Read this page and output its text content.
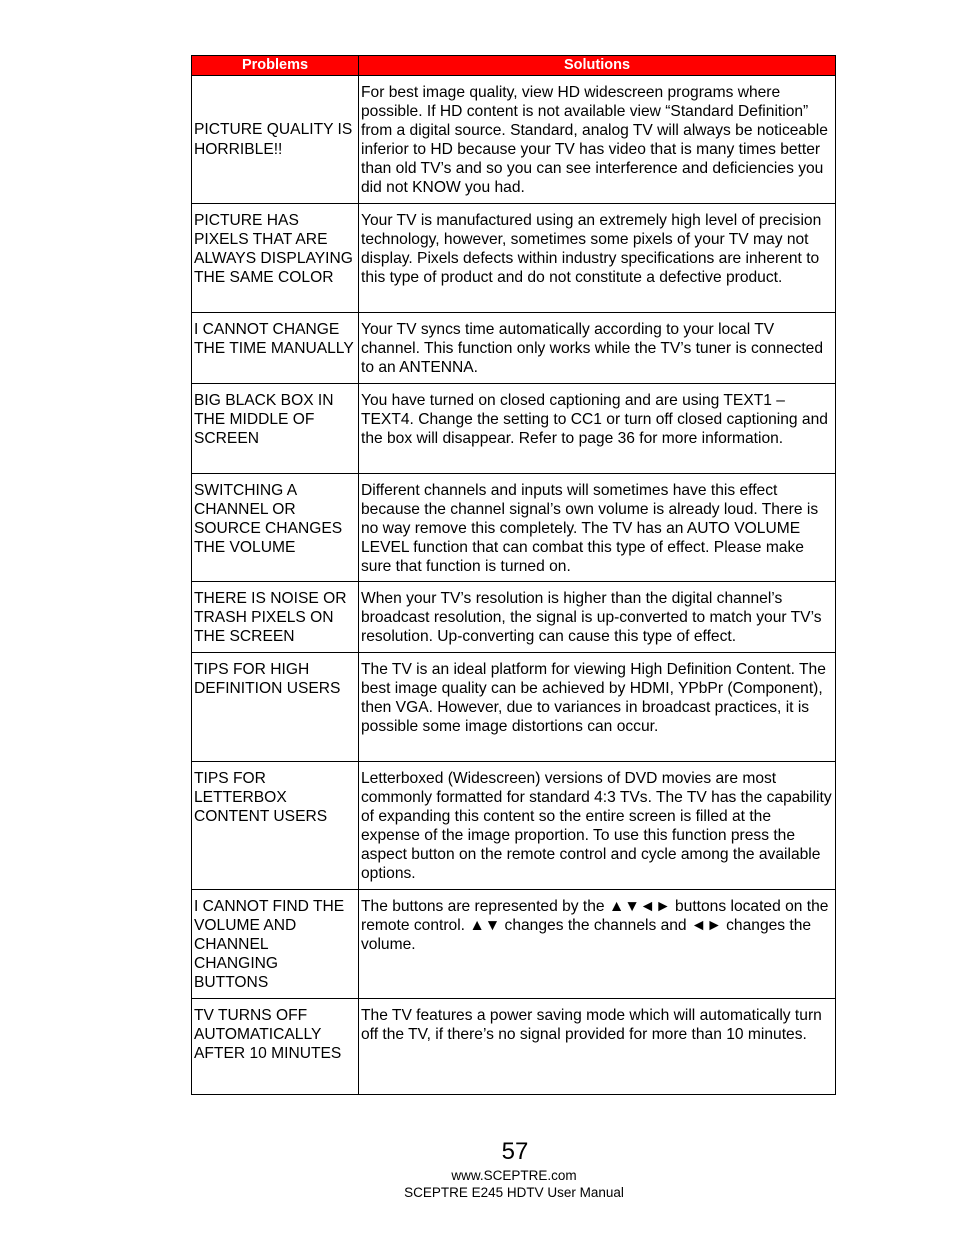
Problems	Solutions
PICTURE QUALITY IS HORRIBLE!!	For best image quality, view HD widescreen programs where possible. If HD content is not available view “Standard Definition” from a digital source. Standard, analog TV will always be noticeable inferior to HD because your TV has video that is many times better than old TV’s and so you can see interference and deficiencies you did not KNOW you had.
PICTURE HAS PIXELS THAT ARE ALWAYS DISPLAYING THE SAME COLOR	Your TV is manufactured using an extremely high level of precision technology, however, sometimes some pixels of your TV may not display. Pixels defects within industry specifications are inherent to this type of product and do not constitute a defective product.
I CANNOT CHANGE THE TIME MANUALLY	Your TV syncs time automatically according to your local TV channel. This function only works while the TV’s tuner is connected to an ANTENNA.
BIG BLACK BOX IN THE MIDDLE OF SCREEN	You have turned on closed captioning and are using TEXT1 – TEXT4. Change the setting to CC1 or turn off closed captioning and the box will disappear. Refer to page 36 for more information.
SWITCHING A CHANNEL OR SOURCE CHANGES THE VOLUME	Different channels and inputs will sometimes have this effect because the channel signal’s own volume is already loud. There is no way remove this completely. The TV has an AUTO VOLUME LEVEL function that can combat this type of effect. Please make sure that function is turned on.
THERE IS NOISE OR TRASH PIXELS ON THE SCREEN	When your TV’s resolution is higher than the digital channel’s broadcast resolution, the signal is up-converted to match your TV’s resolution. Up-converting can cause this type of effect.
TIPS FOR HIGH DEFINITION USERS	The TV is an ideal platform for viewing High Definition Content. The best image quality can be achieved by HDMI, YPbPr (Component), then VGA. However, due to variances in broadcast practices, it is possible some image distortions can occur.
TIPS FOR LETTERBOX CONTENT USERS	Letterboxed (Widescreen) versions of DVD movies are most commonly formatted for standard 4:3 TVs. The TV has the capability of expanding this content so the entire screen is filled at the expense of the image proportion. To use this function press the aspect button on the remote control and cycle among the available options.
I CANNOT FIND THE VOLUME AND CHANNEL CHANGING BUTTONS	The buttons are represented by the ▲▼◄► buttons located on the remote control. ▲▼ changes the channels and ◄► changes the volume.
TV TURNS OFF AUTOMATICALLY AFTER 10 MINUTES	The TV features a power saving mode which will automatically turn off the TV, if there’s no signal provided for more than 10 minutes.
57
www.SCEPTRE.com
SCEPTRE E245 HDTV User Manual
